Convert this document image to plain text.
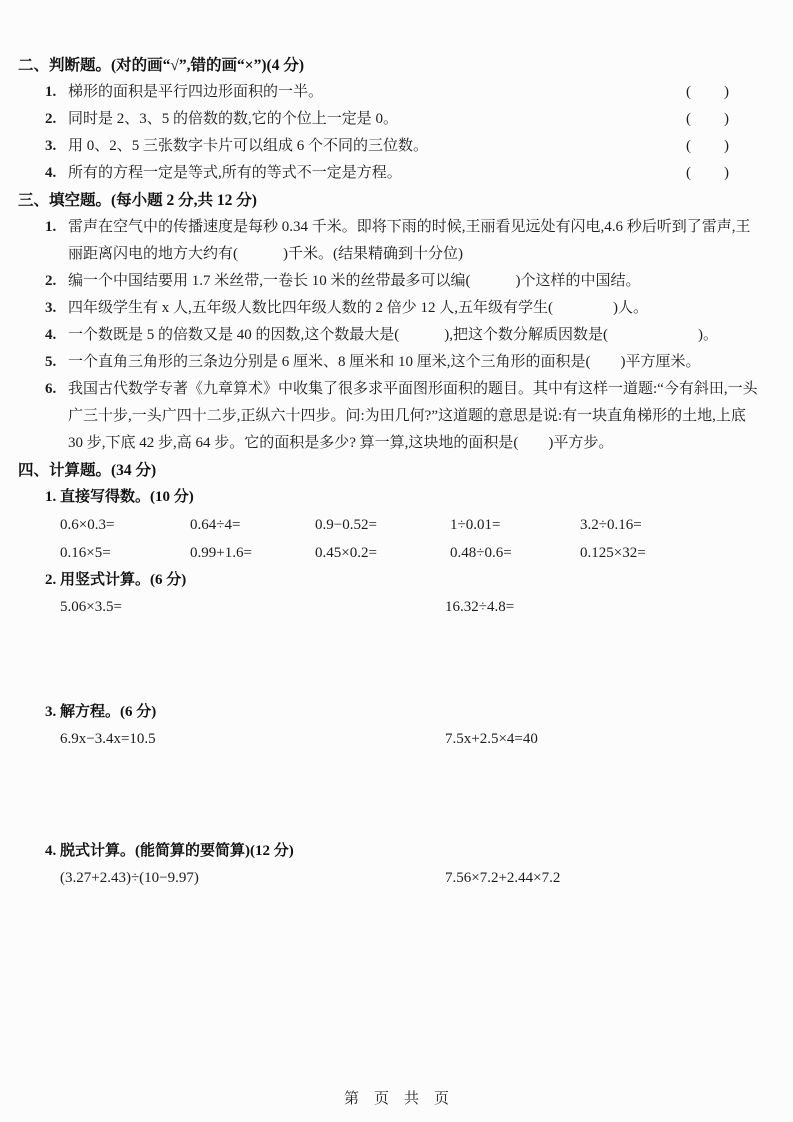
二、判断题。(对的画“√”,错的画“×”)(4 分)
1. 梯形的面积是平行四边形面积的一半。	(　　)
2. 同时是 2、3、5 的倍数的数,它的个位上一定是 0。	(　　)
3. 用 0、2、5 三张数字卡片可以组成 6 个不同的三位数。	(　　)
4. 所有的方程一定是等式,所有的等式不一定是方程。	(　　)
三、填空题。(每小题 2 分,共 12 分)
1. 雷声在空气中的传播速度是每秒 0.34 千米。即将下雨的时候,王丽看见远处有闪电,4.6 秒后听到了雷声,王丽距离闪电的地方大约有(　　　)千米。(结果精确到十分位)
2. 编一个中国结要用 1.7 米丝带,一卷长 10 米的丝带最多可以编(　　　)个这样的中国结。
3. 四年级学生有 x 人,五年级人数比四年级人数的 2 倍少 12 人,五年级有学生(　　　　)人。
4. 一个数既是 5 的倍数又是 40 的因数,这个数最大是(　　　),把这个数分解质因数是(　　　　　　)。
5. 一个直角三角形的三条边分别是 6 厘米、8 厘米和 10 厘米,这个三角形的面积是(　　)平方厘米。
6. 我国古代数学专著《九章算术》中收集了很多求平面图形面积的题目。其中有这样一道题:“今有斜田,一头广三十步,一头广四十二步,正纵六十四步。问:为田几何?”这道题的意思是说:有一块直角梯形的土地,上底 30 步,下底 42 步,高 64 步。它的面积是多少? 算一算,这块地的面积是(　　)平方步。
四、计算题。(34 分)
1. 直接写得数。(10 分)
0.6×0.3=	0.64÷4=	0.9−0.52=	1÷0.01=	3.2÷0.16=
0.16×5=	0.99+1.6=	0.45×0.2=	0.48÷0.6=	0.125×32=
2. 用竖式计算。(6 分)
5.06×3.5=	16.32÷4.8=
3. 解方程。(6 分)
6.9x−3.4x=10.5	7.5x+2.5×4=40
4. 脱式计算。(能简算的要简算)(12 分)
(3.27+2.43)÷(10−9.97)	7.56×7.2+2.44×7.2
第　页　共　页
